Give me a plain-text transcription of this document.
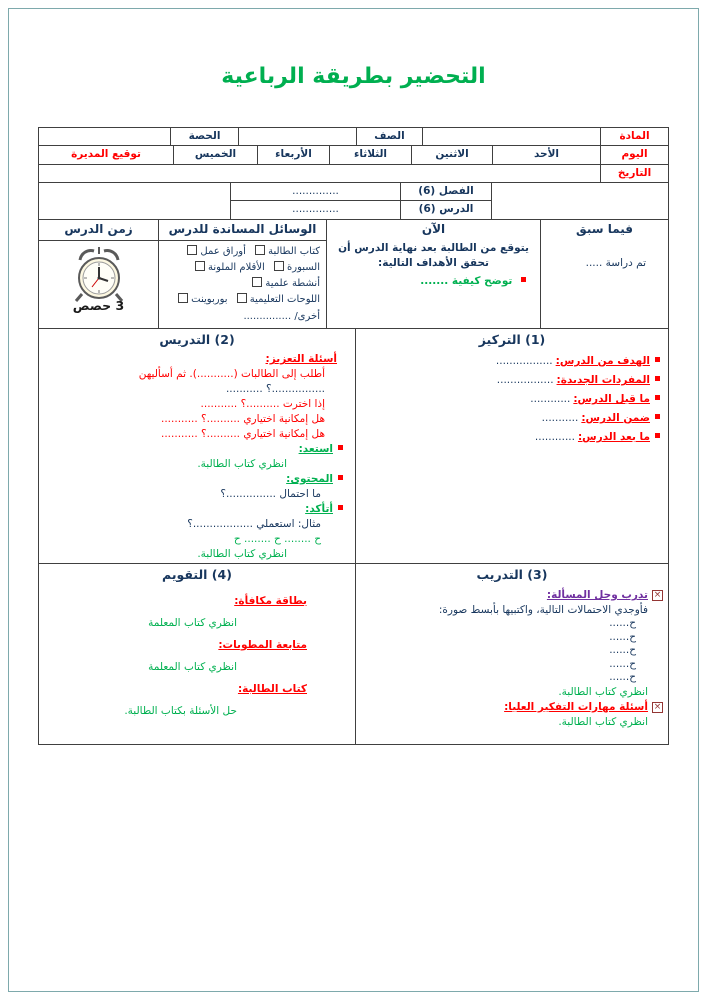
التحضير بطريقة الرباعية
المادة
الصف
الحصة
اليوم
الأحد
الاثنين
الثلاثاء
الأربعاء
الخميس
توقيع المديرة
التاريخ
الفصل (6)
..............
الدرس (6)
..............
فيما سبق
تم دراسة .....
الآن
يتوقع من الطالبة بعد نهاية الدرس أن تحقق الأهداف التالية:
توضح كيفية .......
الوسائل المساندة للدرس
كتاب الطالبة أوراق عمل السبورة الأقلام الملونة أنشطة علمية اللوحات التعليمية بوربوينت
أخرى/ ...............
زمن الدرس
3 حصص
(1) التركيز
الهدف من الدرس:.................
المفردات الجديدة:.................
ما قبل الدرس:............
ضمن الدرس:...........
ما بعد الدرس:............
(2) التدريس
أسئلة التعزيز:
أطلب إلى الطالبات (...........). ثم أسأليهن
................؟ ...........
إذا اخترت ..........؟ ...........
هل إمكانية اختياري ..........؟ ...........
هل إمكانية اختياري ..........؟ ...........
استعد:
انظري كتاب الطالبة.
المحتوى:
ما احتمال ...............؟
أتأكد:
مثال: استعملي ..................؟
ح ........ ح ........ ح
انظري كتاب الطالبة.
(3) التدريب
×
تدرب وحل المسألة:
فأوجدي الاحتمالات التالية، واكتبيها بأبسط صورة:
ح......
ح......
ح......
ح......
ح......
انظري كتاب الطالبة.
×
أسئلة مهارات التفكير العليا:
انظري كتاب الطالبة.
(4) التقويم
بطاقة مكافأة:
انظري كتاب المعلمة
متابعة المطويات:
انظري كتاب المعلمة
كتاب الطالبة:
حل الأسئلة بكتاب الطالبة.
